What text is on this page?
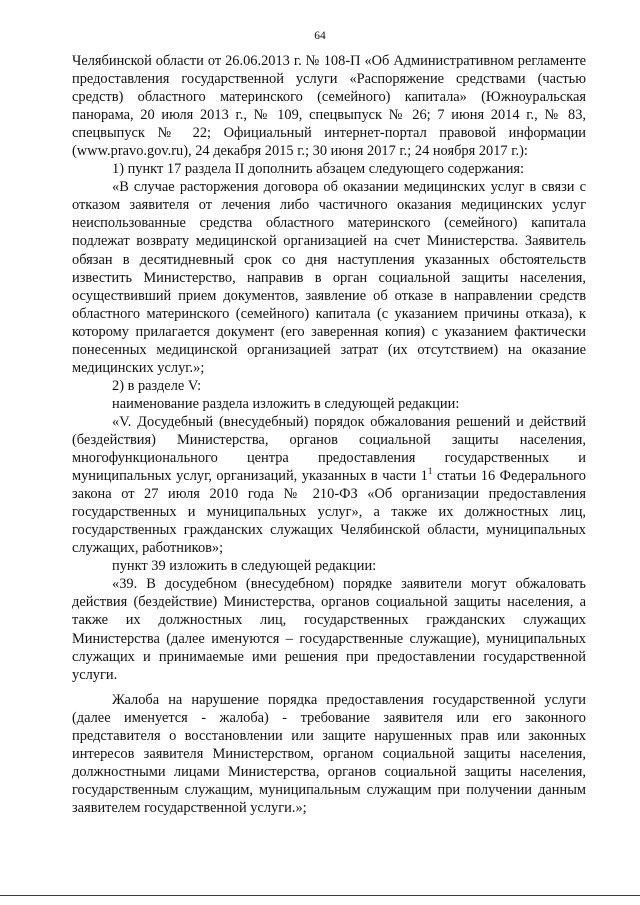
64

Челябинской области от 26.06.2013 г. № 108-П «Об Административном регламенте предоставления государственной услуги «Распоряжение средствами (частью средств) областного материнского (семейного) капитала» (Южноуральская панорама, 20 июля 2013 г., № 109, спецвыпуск № 26; 7 июня 2014 г., № 83, спецвыпуск № 22; Официальный интернет-портал правовой информации (www.pravo.gov.ru), 24 декабря 2015 г.; 30 июня 2017 г.; 24 ноября 2017 г.):

1) пункт 17 раздела II дополнить абзацем следующего содержания:

«В случае расторжения договора об оказании медицинских услуг в связи с отказом заявителя от лечения либо частичного оказания медицинских услуг неиспользованные средства областного материнского (семейного) капитала подлежат возврату медицинской организацией на счет Министерства. Заявитель обязан в десятидневный срок со дня наступления указанных обстоятельств известить Министерство, направив в орган социальной защиты населения, осуществивший прием документов, заявление об отказе в направлении средств областного материнского (семейного) капитала (с указанием причины отказа), к которому прилагается документ (его заверенная копия) с указанием фактически понесенных медицинской организацией затрат (их отсутствием) на оказание медицинских услуг.»;

2) в разделе V:

наименование раздела изложить в следующей редакции:

«V. Досудебный (внесудебный) порядок обжалования решений и действий (бездействия) Министерства, органов социальной защиты населения, многофункционального центра предоставления государственных и муниципальных услуг, организаций, указанных в части $1^1$ статьи 16 Федерального закона от 27 июля 2010 года № 210-ФЗ «Об организации предоставления государственных и муниципальных услуг», а также их должностных лиц, государственных гражданских служащих Челябинской области, муниципальных служащих, работников»;

пункт 39 изложить в следующей редакции:

«39. В досудебном (внесудебном) порядке заявители могут обжаловать действия (бездействие) Министерства, органов социальной защиты населения, а также их должностных лиц, государственных гражданских служащих Министерства (далее именуются – государственные служащие), муниципальных служащих и принимаемые ими решения при предоставлении государственной услуги.

Жалоба на нарушение порядка предоставления государственной услуги (далее именуется - жалоба) - требование заявителя или его законного представителя о восстановлении или защите нарушенных прав или законных интересов заявителя Министерством, органом социальной защиты населения, должностными лицами Министерства, органов социальной защиты населения, государственным служащим, муниципальным служащим при получении данным заявителем государственной услуги.»;
